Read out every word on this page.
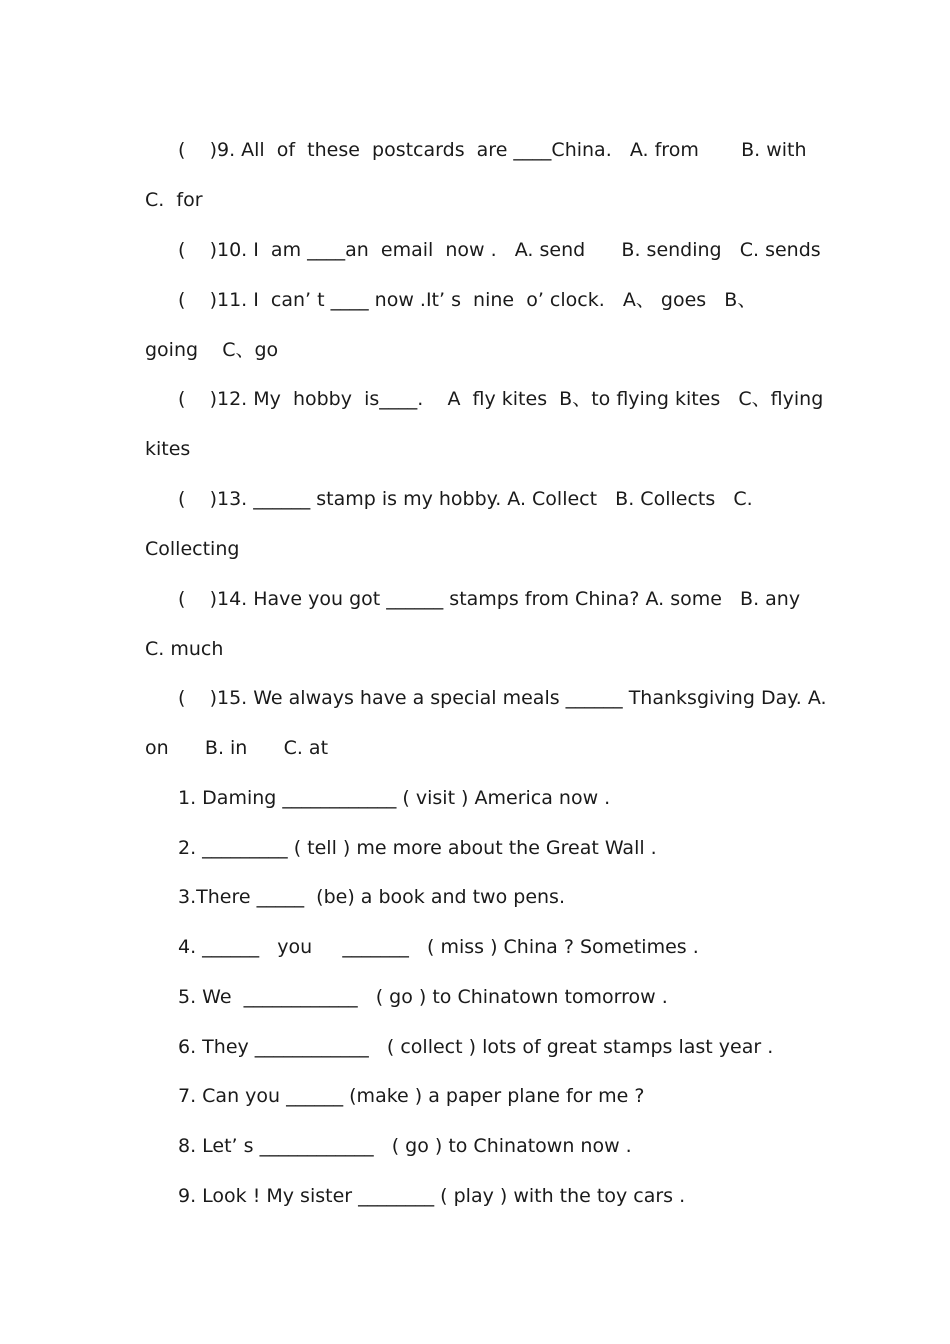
(    )9. All  of  these  postcards  are ____China.   A. from       B. with
C.  for
(    )10. I  am ____an  email  now .   A. send      B. sending   C. sends
(    )11. I  can’ t ____ now .It’ s  nine  o’ clock.   A、 goes   B、
going    C、go
(    )12. My  hobby  is____.    A  fly kites  B、to flying kites   C、flying
kites
(    )13. ______ stamp is my hobby. A. Collect   B. Collects   C.
Collecting
(    )14. Have you got ______ stamps from China? A. some   B. any
C. much
(    )15. We always have a special meals ______ Thanksgiving Day. A.
on      B. in      C. at
1. Daming ____________ ( visit ) America now .
2. _________ ( tell ) me more about the Great Wall .
3.There _____  (be) a book and two pens.
4. ______   you     _______   ( miss ) China ? Sometimes .
5. We  ____________   ( go ) to Chinatown tomorrow .
6. They ____________   ( collect ) lots of great stamps last year .
7. Can you ______ (make ) a paper plane for me ?
8. Let’ s ____________   ( go ) to Chinatown now .
9. Look ! My sister ________ ( play ) with the toy cars .
